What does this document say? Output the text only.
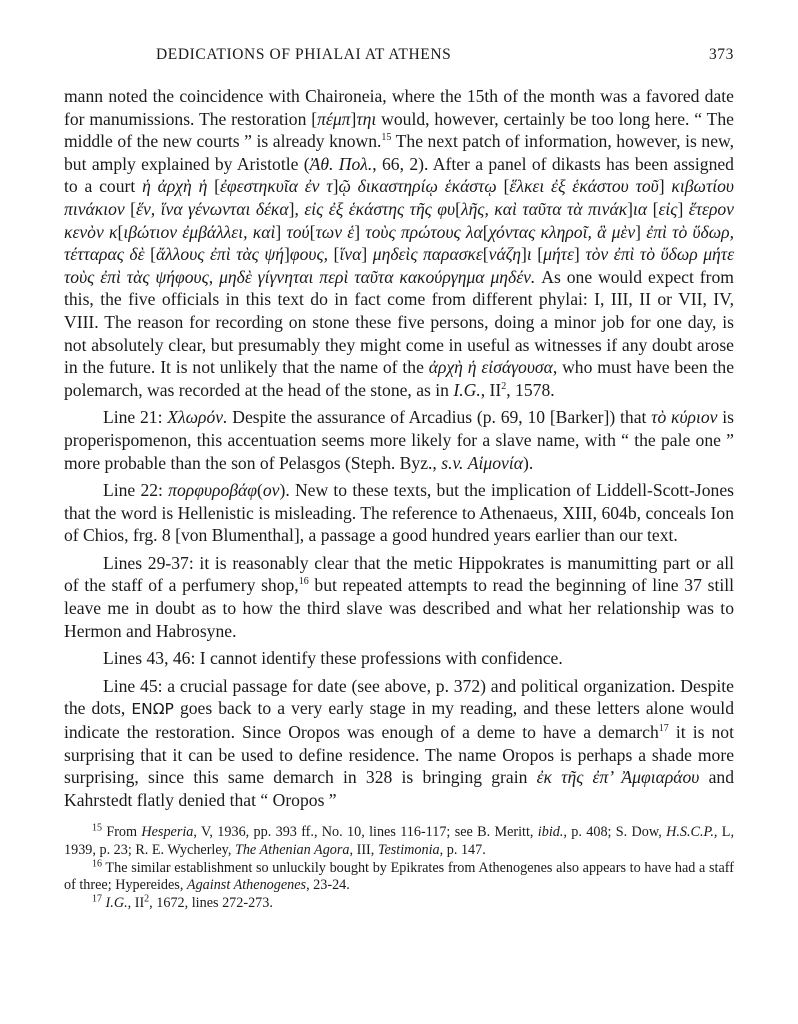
DEDICATIONS OF PHIALAI AT ATHENS	373

mann noted the coincidence with Chaironeia, where the 15th of the month was a favored date for manumissions. The restoration [πέμπ]τηι would, however, certainly be too long here. “ The middle of the new courts ” is already known.$^{15}$ The next patch of information, however, is new, but amply explained by Aristotle (Ἀθ. Πολ., 66, 2). After a panel of dikasts has been assigned to a court ἡ ἀρχὴ ἡ [ἐφεστηκυῖα ἐν τ]ῷ δικαστηρίῳ ἑκάστῳ [ἕλκει ἐξ ἑκάστου τοῦ] κιβωτίου πινάκιον [ἕν, ἵνα γένωνται δέκα], εἰς ἐξ ἑκάστης τῆς φυ[λῆς, καὶ ταῦτα τὰ πινάκ]ια [εἰς] ἕτερον κενὸν κ[ιβώτιον ἐμβάλλει, καὶ] τού[των ἑ] τοὺς πρώτους λα[χόντας κληροῖ, ἃ μὲν] ἐπὶ τὸ ὕδωρ, τέτταρας δὲ [ἄλλους ἐπὶ τὰς ψή]φους, [ἵνα] μηδεὶς παρασκε[νάζη]ι [μήτε] τὸν ἐπὶ τὸ ὕδωρ μήτε τοὺς ἐπὶ τὰς ψήφους, μηδὲ γίγνηται περὶ ταῦτα κακούργημα μηδέν. As one would expect from this, the five officials in this text do in fact come from different phylai: I, III, II or VII, IV, VIII. The reason for recording on stone these five persons, doing a minor job for one day, is not absolutely clear, but presumably they might come in useful as witnesses if any doubt arose in the future. It is not unlikely that the name of the ἀρχὴ ἡ εἰσάγουσα, who must have been the polemarch, was recorded at the head of the stone, as in I.G., $II^2$, 1578.

Line 21: Χλωρόν. Despite the assurance of Arcadius (p. 69, 10 [Barker]) that τὸ κύριον is properispomenon, this accentuation seems more likely for a slave name, with “ the pale one ” more probable than the son of Pelasgos (Steph. Byz., s.v. Αἱμονία).

Line 22: πορφυροβάφ(ον). New to these texts, but the implication of Liddell-Scott-Jones that the word is Hellenistic is misleading. The reference to Athenaeus, XIII, 604b, conceals Ion of Chios, frg. 8 [von Blumenthal], a passage a good hundred years earlier than our text.

Lines 29-37: it is reasonably clear that the metic Hippokrates is manumitting part or all of the staff of a perfumery shop,$^{16}$ but repeated attempts to read the beginning of line 37 still leave me in doubt as to how the third slave was described and what her relationship was to Hermon and Habrosyne.

Lines 43, 46: I cannot identify these professions with confidence.

Line 45: a crucial passage for date (see above, p. 372) and political organization. Despite the dots, ΕΝΩΡ goes back to a very early stage in my reading, and these letters alone would indicate the restoration. Since Oropos was enough of a deme to have a demarch$^{17}$ it is not surprising that it can be used to define residence. The name Oropos is perhaps a shade more surprising, since this same demarch in 328 is bringing grain ἐκ τῆς ἐπ’ Ἀμφιαράου and Kahrstedt flatly denied that “ Oropos ”

$^{15}$ From Hesperia, V, 1936, pp. 393 ff., No. 10, lines 116-117; see B. Meritt, ibid., p. 408; S. Dow, H.S.C.P., L, 1939, p. 23; R. E. Wycherley, The Athenian Agora, III, Testimonia, p. 147.

$^{16}$ The similar establishment so unluckily bought by Epikrates from Athenogenes also appears to have had a staff of three; Hypereides, Against Athenogenes, 23-24.

$^{17}$ I.G., $II^2$, 1672, lines 272-273.
